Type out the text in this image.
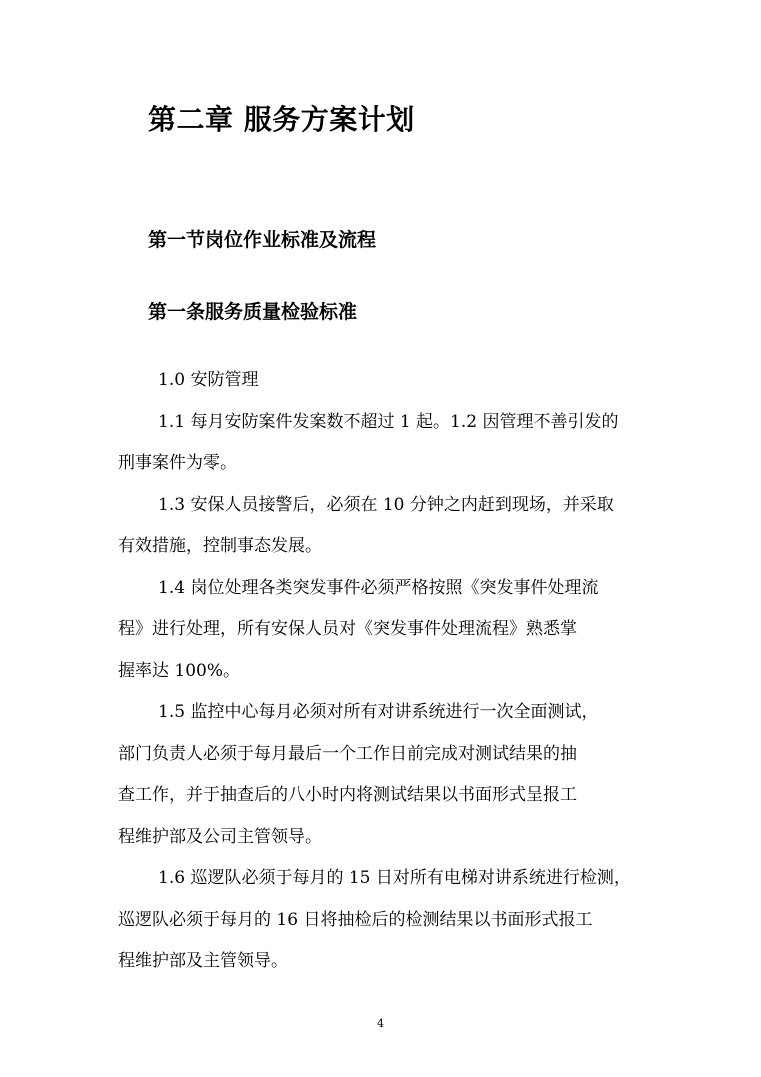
第二章 服务方案计划
第一节岗位作业标准及流程
第一条服务质量检验标准
1.0 安防管理
1.1 每月安防案件发案数不超过 1 起。1.2 因管理不善引发的
刑事案件为零。
1.3 安保人员接警后，必须在 10 分钟之内赶到现场，并采取
有效措施，控制事态发展。
1.4 岗位处理各类突发事件必须严格按照《突发事件处理流
程》进行处理，所有安保人员对《突发事件处理流程》熟悉掌
握率达 100%。
1.5 监控中心每月必须对所有对讲系统进行一次全面测试，
部门负责人必须于每月最后一个工作日前完成对测试结果的抽
查工作，并于抽查后的八小时内将测试结果以书面形式呈报工
程维护部及公司主管领导。
1.6 巡逻队必须于每月的 15 日对所有电梯对讲系统进行检测，
巡逻队必须于每月的 16 日将抽检后的检测结果以书面形式报工
程维护部及主管领导。
4
